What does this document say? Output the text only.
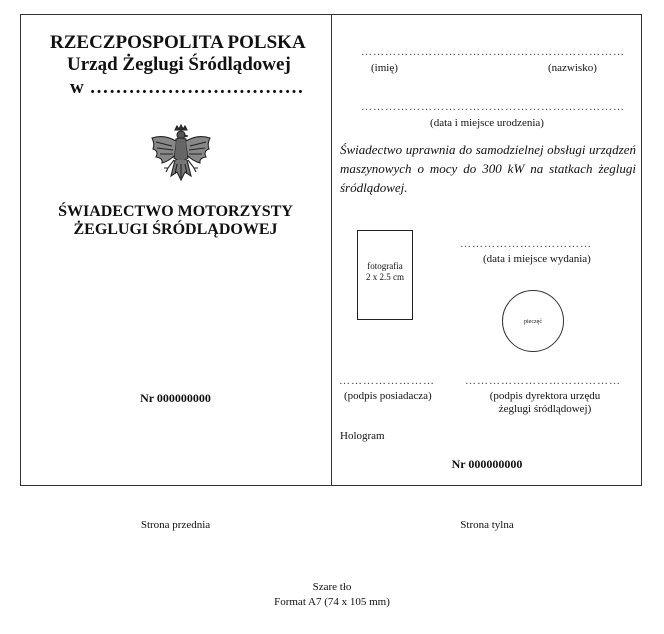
RZECZPOSPOLITA POLSKA
Urząd Żeglugi Śródlądowej
w ……………………………
ŚWIADECTWO MOTORZYSTY
ŻEGLUGI ŚRÓDLĄDOWEJ
Nr 000000000
…………………………………………………………
(imię)	(nazwisko)
…………………………………………………………
(data i miejsce urodzenia)
Świadectwo uprawnia do samodzielnej obsługi urządzeń maszynowych o mocy do 300 kW na statkach żeglugi śródlądowej.
fotografia
2 x 2.5 cm
……………………………
(data i miejsce wydania)
pieczęć
……………………
(podpis posiadacza)
…………………………………
(podpis dyrektora urzędu
żeglugi śródlądowej)
Hologram
Nr 000000000
Strona przednia	Strona tylna
Szare tło
Format A7 (74 x 105 mm)
